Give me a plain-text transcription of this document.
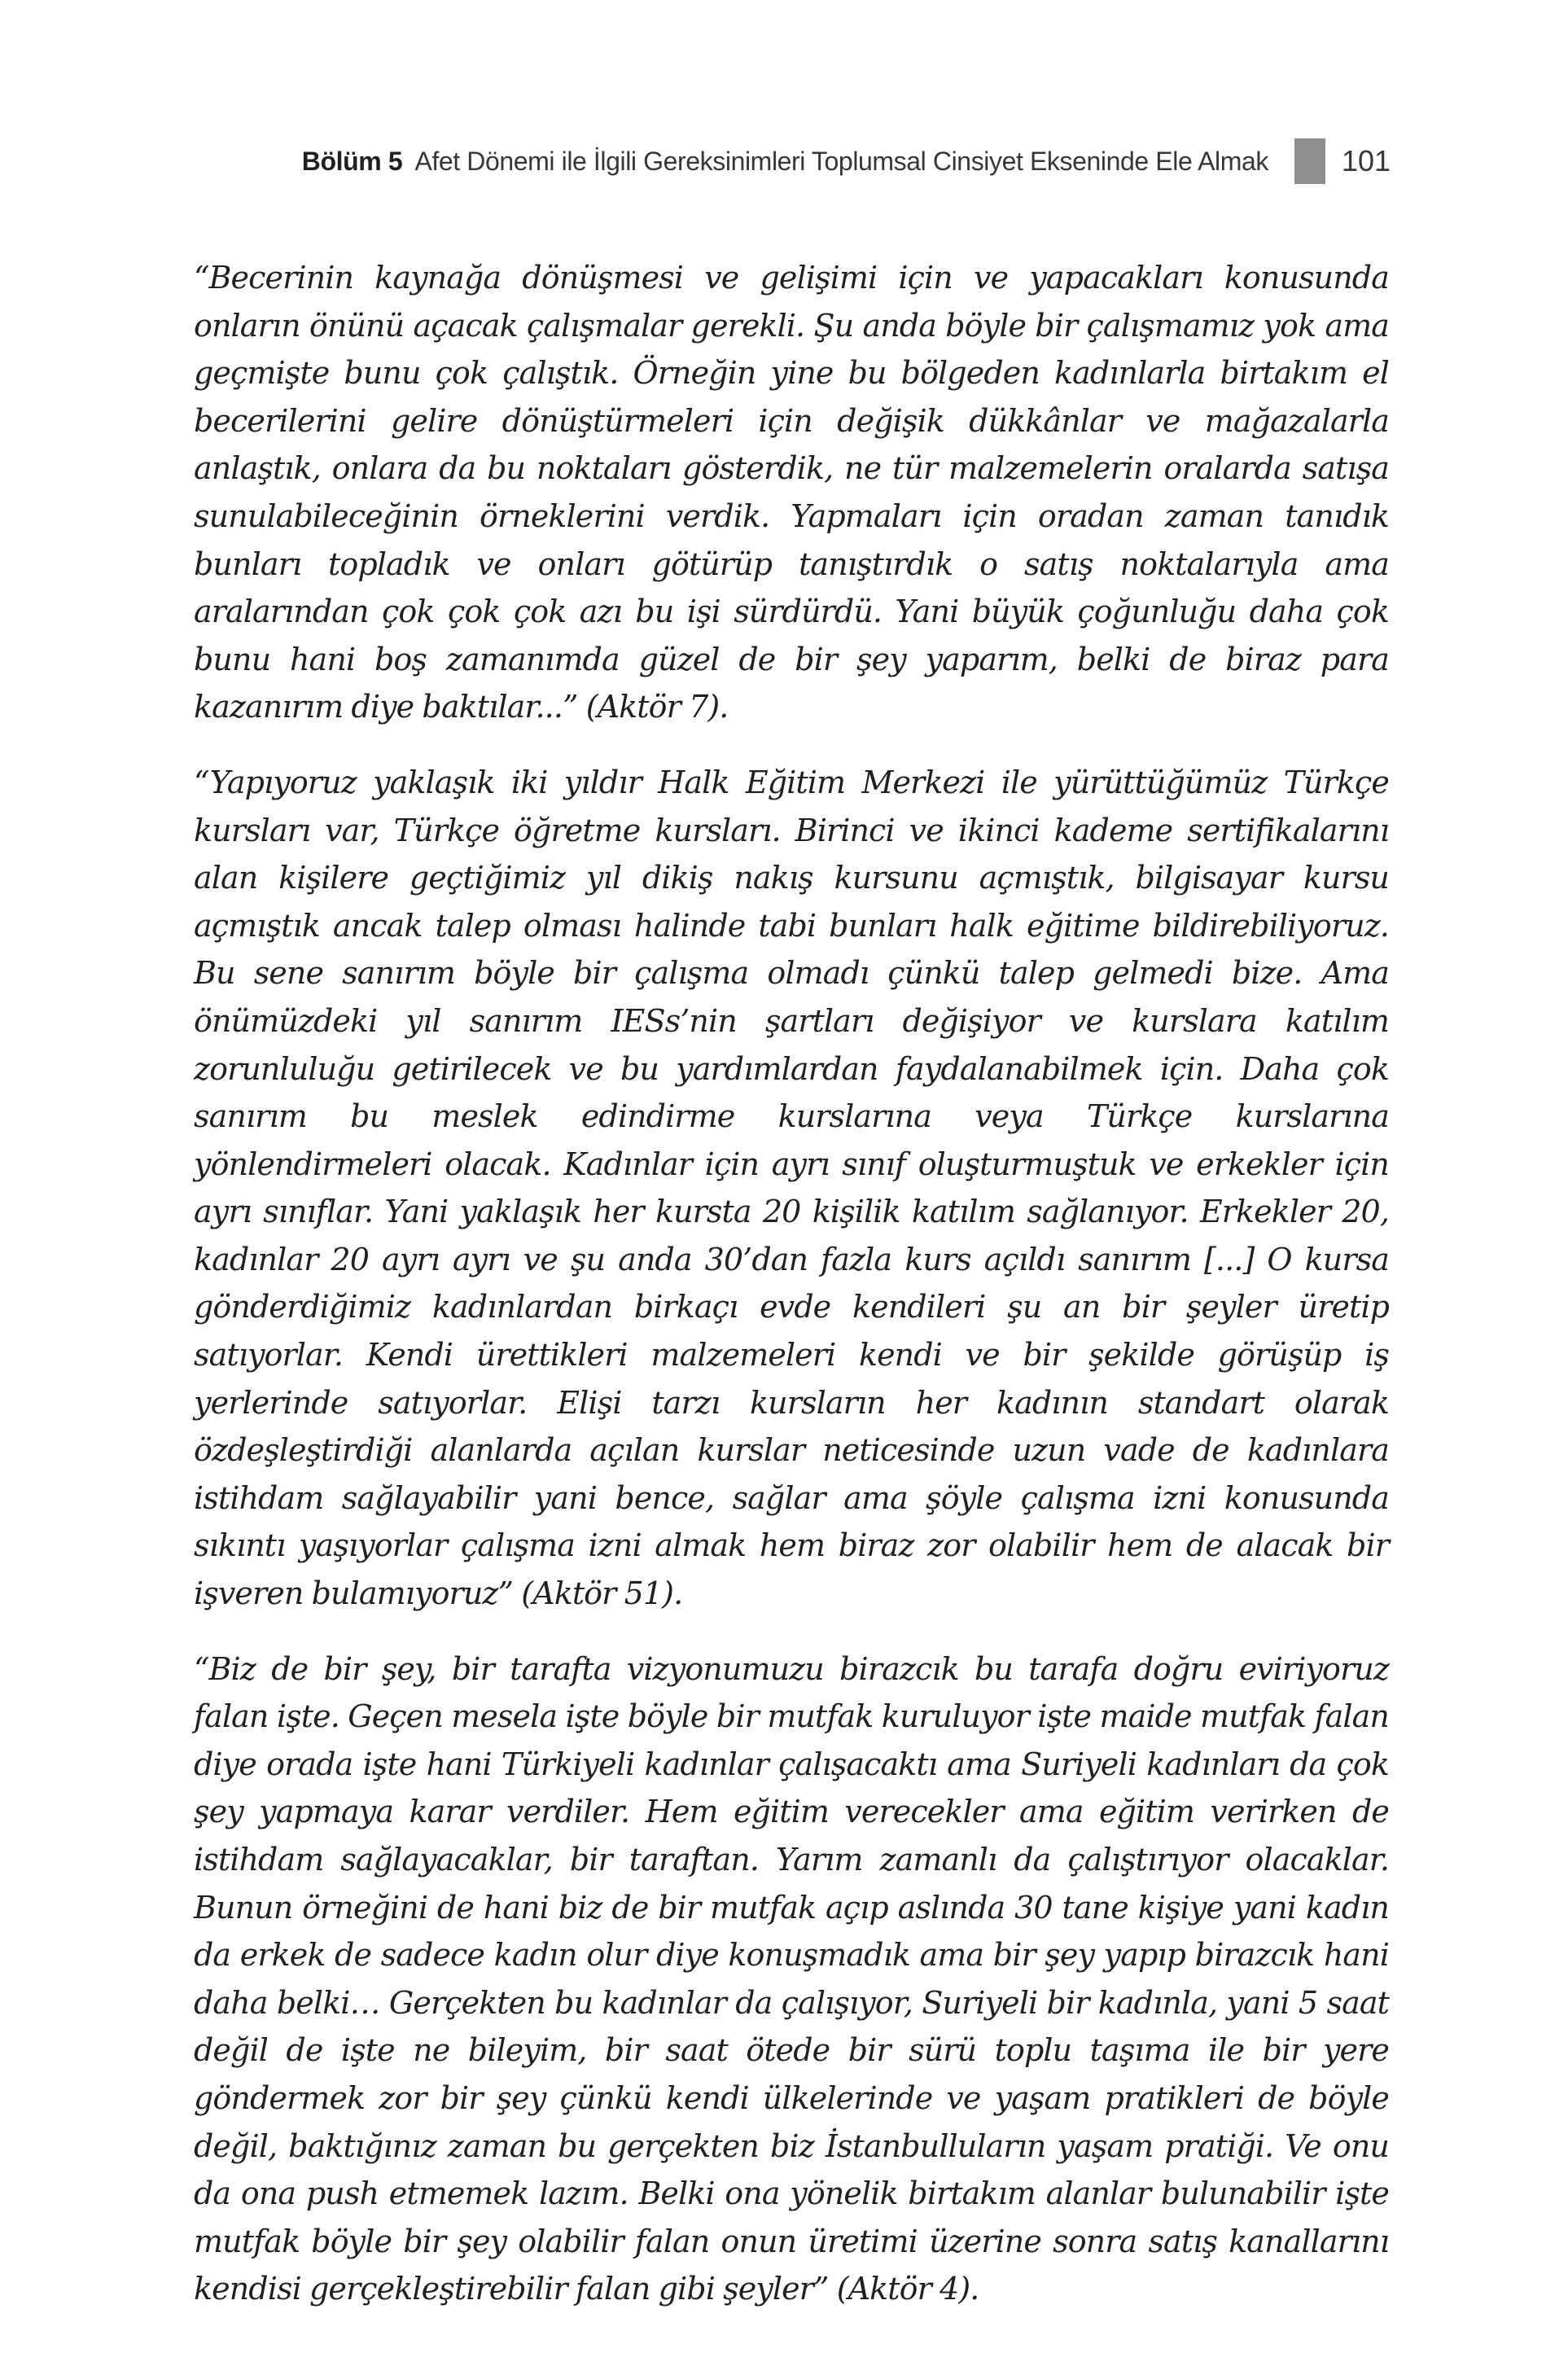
Bölüm 5 Afet Dönemi ile İlgili Gereksinimleri Toplumsal Cinsiyet Ekseninde Ele Almak	101

“Becerinin kaynağa dönüşmesi ve gelişimi için ve yapacakları konusunda onların önünü açacak çalışmalar gerekli. Şu anda böyle bir çalışmamız yok ama geçmişte bunu çok çalıştık. Örneğin yine bu bölgeden kadınlarla birtakım el becerilerini gelire dönüştürmeleri için değişik dükkânlar ve mağazalarla anlaştık, onlara da bu noktaları gösterdik, ne tür malzemelerin oralarda satışa sunulabileceğinin örneklerini verdik. Yapmaları için oradan zaman tanıdık bunları topladık ve onları götürüp tanıştırdık o satış noktalarıyla ama aralarından çok çok çok azı bu işi sürdürdü. Yani büyük çoğunluğu daha çok bunu hani boş zamanımda güzel de bir şey yaparım, belki de biraz para kazanırım diye baktılar...” (Aktör 7).

“Yapıyoruz yaklaşık iki yıldır Halk Eğitim Merkezi ile yürüttüğümüz Türkçe kursları var, Türkçe öğretme kursları. Birinci ve ikinci kademe sertifikalarını alan kişilere geçtiğimiz yıl dikiş nakış kursunu açmıştık, bilgisayar kursu açmıştık ancak talep olması halinde tabi bunları halk eğitime bildirebiliyoruz. Bu sene sanırım böyle bir çalışma olmadı çünkü talep gelmedi bize. Ama önümüzdeki yıl sanırım IESs’nin şartları değişiyor ve kurslara katılım zorunluluğu getirilecek ve bu yardımlardan faydalanabilmek için. Daha çok sanırım bu meslek edindirme kurslarına veya Türkçe kurslarına yönlendirmeleri olacak. Kadınlar için ayrı sınıf oluşturmuştuk ve erkekler için ayrı sınıflar. Yani yaklaşık her kursta 20 kişilik katılım sağlanıyor. Erkekler 20, kadınlar 20 ayrı ayrı ve şu anda 30’dan fazla kurs açıldı sanırım [...] O kursa gönderdiğimiz kadınlardan birkaçı evde kendileri şu an bir şeyler üretip satıyorlar. Kendi ürettikleri malzemeleri kendi ve bir şekilde görüşüp iş yerlerinde satıyorlar. Elişi tarzı kursların her kadının standart olarak özdeşleştirdiği alanlarda açılan kurslar neticesinde uzun vade de kadınlara istihdam sağlayabilir yani bence, sağlar ama şöyle çalışma izni konusunda sıkıntı yaşıyorlar çalışma izni almak hem biraz zor olabilir hem de alacak bir işveren bulamıyoruz” (Aktör 51).

“Biz de bir şey, bir tarafta vizyonumuzu birazcık bu tarafa doğru eviriyoruz falan işte. Geçen mesela işte böyle bir mutfak kuruluyor işte maide mutfak falan diye orada işte hani Türkiyeli kadınlar çalışacaktı ama Suriyeli kadınları da çok şey yapmaya karar verdiler. Hem eğitim verecekler ama eğitim verirken de istihdam sağlayacaklar, bir taraftan. Yarım zamanlı da çalıştırıyor olacaklar. Bunun örneğini de hani biz de bir mutfak açıp aslında 30 tane kişiye yani kadın da erkek de sadece kadın olur diye konuşmadık ama bir şey yapıp birazcık hani daha belki… Gerçekten bu kadınlar da çalışıyor, Suriyeli bir kadınla, yani 5 saat değil de işte ne bileyim, bir saat ötede bir sürü toplu taşıma ile bir yere göndermek zor bir şey çünkü kendi ülkelerinde ve yaşam pratikleri de böyle değil, baktığınız zaman bu gerçekten biz İstanbulluların yaşam pratiği. Ve onu da ona push etmemek lazım. Belki ona yönelik birtakım alanlar bulunabilir işte mutfak böyle bir şey olabilir falan onun üretimi üzerine sonra satış kanallarını kendisi gerçekleştirebilir falan gibi şeyler” (Aktör 4).
